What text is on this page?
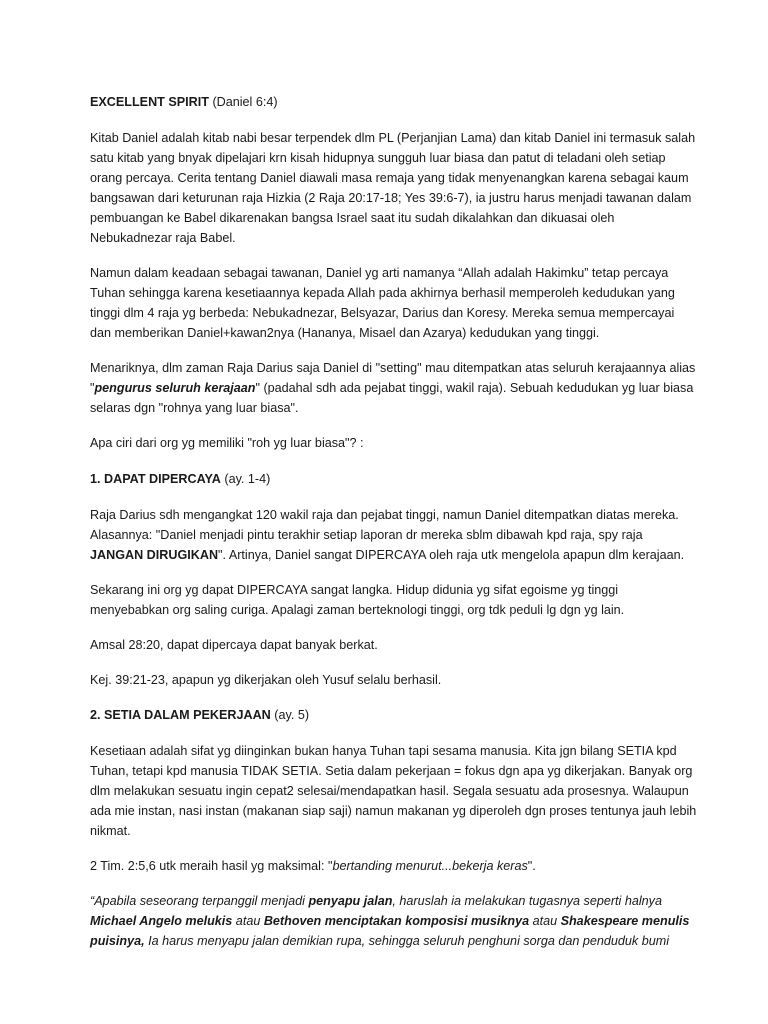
EXCELLENT SPIRIT (Daniel 6:4)

Kitab Daniel adalah kitab nabi besar terpendek dlm PL (Perjanjian Lama) dan kitab Daniel ini termasuk salah satu kitab yang bnyak dipelajari krn kisah hidupnya sungguh luar biasa dan patut di teladani oleh setiap orang percaya. Cerita tentang Daniel diawali masa remaja yang tidak menyenangkan karena sebagai kaum bangsawan dari keturunan raja Hizkia (2 Raja 20:17-18; Yes 39:6-7), ia justru harus menjadi tawanan dalam pembuangan ke Babel dikarenakan bangsa Israel saat itu sudah dikalahkan dan dikuasai oleh Nebukadnezar raja Babel.

Namun dalam keadaan sebagai tawanan, Daniel yg arti namanya “Allah adalah Hakimku” tetap percaya Tuhan sehingga karena kesetiaannya kepada Allah pada akhirnya berhasil memperoleh kedudukan yang tinggi dlm 4 raja yg berbeda: Nebukadnezar, Belsyazar, Darius dan Koresy. Mereka semua mempercayai dan memberikan Daniel+kawan2nya (Hananya, Misael dan Azarya) kedudukan yang tinggi.

Menariknya, dlm zaman Raja Darius saja Daniel di "setting" mau ditempatkan atas seluruh kerajaannya alias "pengurus seluruh kerajaan" (padahal sdh ada pejabat tinggi, wakil raja). Sebuah kedudukan yg luar biasa selaras dgn "rohnya yang luar biasa".

Apa ciri dari org yg memiliki "roh yg luar biasa"? :

1. DAPAT DIPERCAYA (ay. 1-4)

Raja Darius sdh mengangkat 120 wakil raja dan pejabat tinggi, namun Daniel ditempatkan diatas mereka. Alasannya: "Daniel menjadi pintu terakhir setiap laporan dr mereka sblm dibawah kpd raja, spy raja JANGAN DIRUGIKAN". Artinya, Daniel sangat DIPERCAYA oleh raja utk mengelola apapun dlm kerajaan.

Sekarang ini org yg dapat DIPERCAYA sangat langka. Hidup didunia yg sifat egoisme yg tinggi menyebabkan org saling curiga. Apalagi zaman berteknologi tinggi, org tdk peduli lg dgn yg lain.

Amsal 28:20, dapat dipercaya dapat banyak berkat.

Kej. 39:21-23, apapun yg dikerjakan oleh Yusuf selalu berhasil.

2. SETIA DALAM PEKERJAAN (ay. 5)

Kesetiaan adalah sifat yg diinginkan bukan hanya Tuhan tapi sesama manusia. Kita jgn bilang SETIA kpd Tuhan, tetapi kpd manusia TIDAK SETIA. Setia dalam pekerjaan = fokus dgn apa yg dikerjakan. Banyak org dlm melakukan sesuatu ingin cepat2 selesai/mendapatkan hasil. Segala sesuatu ada prosesnya. Walaupun ada mie instan, nasi instan (makanan siap saji) namun makanan yg diperoleh dgn proses tentunya jauh lebih nikmat.

2 Tim. 2:5,6 utk meraih hasil yg maksimal: "bertanding menurut...bekerja keras".

“Apabila seseorang terpanggil menjadi penyapu jalan, haruslah ia melakukan tugasnya seperti halnya Michael Angelo melukis atau Bethoven menciptakan komposisi musiknya atau Shakespeare menulis puisinya, Ia harus menyapu jalan demikian rupa, sehingga seluruh penghuni sorga dan penduduk bumi
